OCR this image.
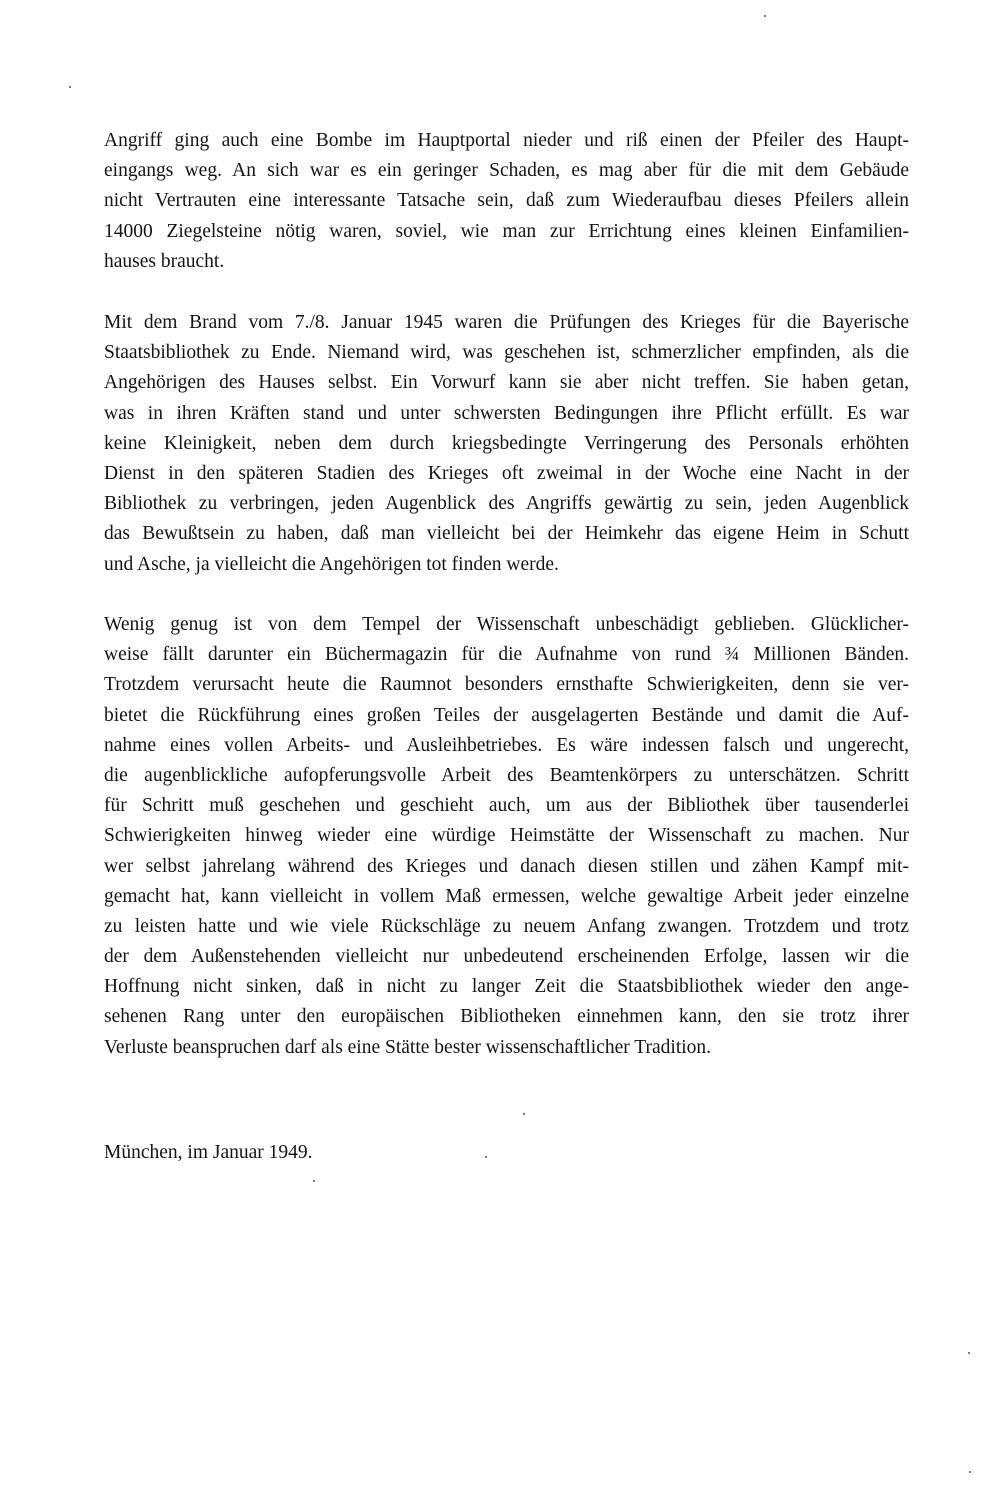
Angriff ging auch eine Bombe im Hauptportal nieder und riß einen der Pfeiler des Haupt-
eingangs weg. An sich war es ein geringer Schaden, es mag aber für die mit dem Gebäude
nicht Vertrauten eine interessante Tatsache sein, daß zum Wiederaufbau dieses Pfeilers allein
14000 Ziegelsteine nötig waren, soviel, wie man zur Errichtung eines kleinen Einfamilien-
hauses braucht.
Mit dem Brand vom 7./8. Januar 1945 waren die Prüfungen des Krieges für die Bayerische
Staatsbibliothek zu Ende. Niemand wird, was geschehen ist, schmerzlicher empfinden, als die
Angehörigen des Hauses selbst. Ein Vorwurf kann sie aber nicht treffen. Sie haben getan,
was in ihren Kräften stand und unter schwersten Bedingungen ihre Pflicht erfüllt. Es war
keine Kleinigkeit, neben dem durch kriegsbedingte Verringerung des Personals erhöhten
Dienst in den späteren Stadien des Krieges oft zweimal in der Woche eine Nacht in der
Bibliothek zu verbringen, jeden Augenblick des Angriffs gewärtig zu sein, jeden Augenblick
das Bewußtsein zu haben, daß man vielleicht bei der Heimkehr das eigene Heim in Schutt
und Asche, ja vielleicht die Angehörigen tot finden werde.
Wenig genug ist von dem Tempel der Wissenschaft unbeschädigt geblieben. Glücklicher-
weise fällt darunter ein Büchermagazin für die Aufnahme von rund ¾ Millionen Bänden.
Trotzdem verursacht heute die Raumnot besonders ernsthafte Schwierigkeiten, denn sie ver-
bietet die Rückführung eines großen Teiles der ausgelagerten Bestände und damit die Auf-
nahme eines vollen Arbeits- und Ausleihbetriebes. Es wäre indessen falsch und ungerecht,
die augenblickliche aufopferungsvolle Arbeit des Beamtenkörpers zu unterschätzen. Schritt
für Schritt muß geschehen und geschieht auch, um aus der Bibliothek über tausenderlei
Schwierigkeiten hinweg wieder eine würdige Heimstätte der Wissenschaft zu machen. Nur
wer selbst jahrelang während des Krieges und danach diesen stillen und zähen Kampf mit-
gemacht hat, kann vielleicht in vollem Maß ermessen, welche gewaltige Arbeit jeder einzelne
zu leisten hatte und wie viele Rückschläge zu neuem Anfang zwangen. Trotzdem und trotz
der dem Außenstehenden vielleicht nur unbedeutend erscheinenden Erfolge, lassen wir die
Hoffnung nicht sinken, daß in nicht zu langer Zeit die Staatsbibliothek wieder den ange-
sehenen Rang unter den europäischen Bibliotheken einnehmen kann, den sie trotz ihrer
Verluste beanspruchen darf als eine Stätte bester wissenschaftlicher Tradition.
München, im Januar 1949.
